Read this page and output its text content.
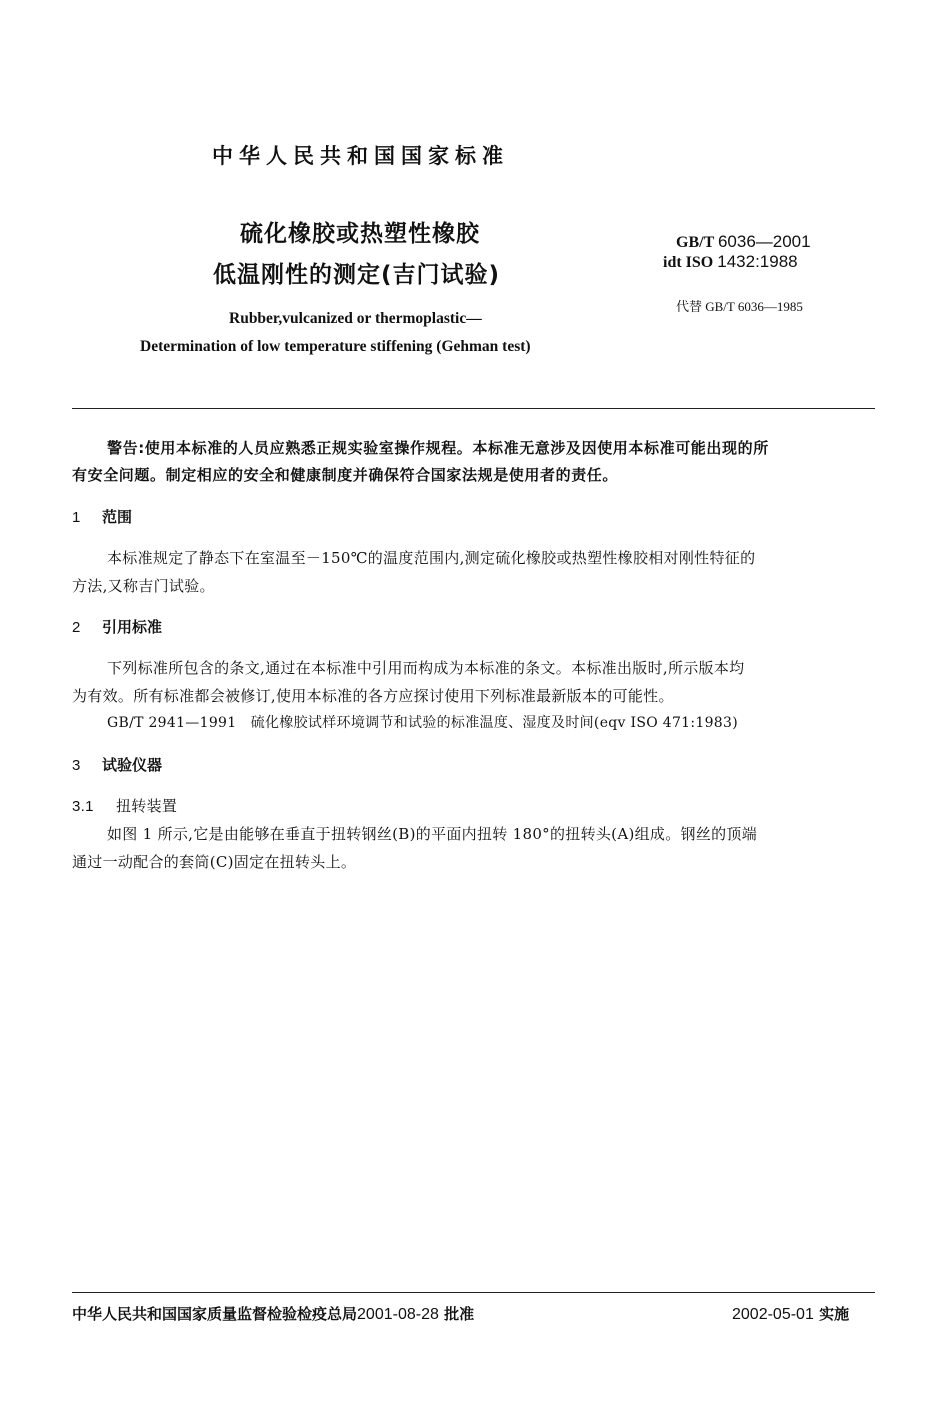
中华人民共和国国家标准
硫化橡胶或热塑性橡胶
低温刚性的测定(吉门试验)
GB/T 6036—2001
idt ISO 1432:1988
代替 GB/T 6036—1985
Rubber,vulcanized or thermoplastic—
Determination of low temperature stiffening (Gehman test)
警告:使用本标准的人员应熟悉正规实验室操作规程。本标准无意涉及因使用本标准可能出现的所
有安全问题。制定相应的安全和健康制度并确保符合国家法规是使用者的责任。
1 范围
本标准规定了静态下在室温至－150℃的温度范围内,测定硫化橡胶或热塑性橡胶相对刚性特征的
方法,又称吉门试验。
2 引用标准
下列标准所包含的条文,通过在本标准中引用而构成为本标准的条文。本标准出版时,所示版本均
为有效。所有标准都会被修订,使用本标准的各方应探讨使用下列标准最新版本的可能性。
GB/T 2941—1991　硫化橡胶试样环境调节和试验的标准温度、湿度及时间(eqv ISO 471:1983)
3 试验仪器
3.1 扭转装置
如图 1 所示,它是由能够在垂直于扭转钢丝(B)的平面内扭转 180°的扭转头(A)组成。钢丝的顶端
通过一动配合的套筒(C)固定在扭转头上。
中华人民共和国国家质量监督检验检疫总局2001-08-28 批准	2002-05-01 实施
